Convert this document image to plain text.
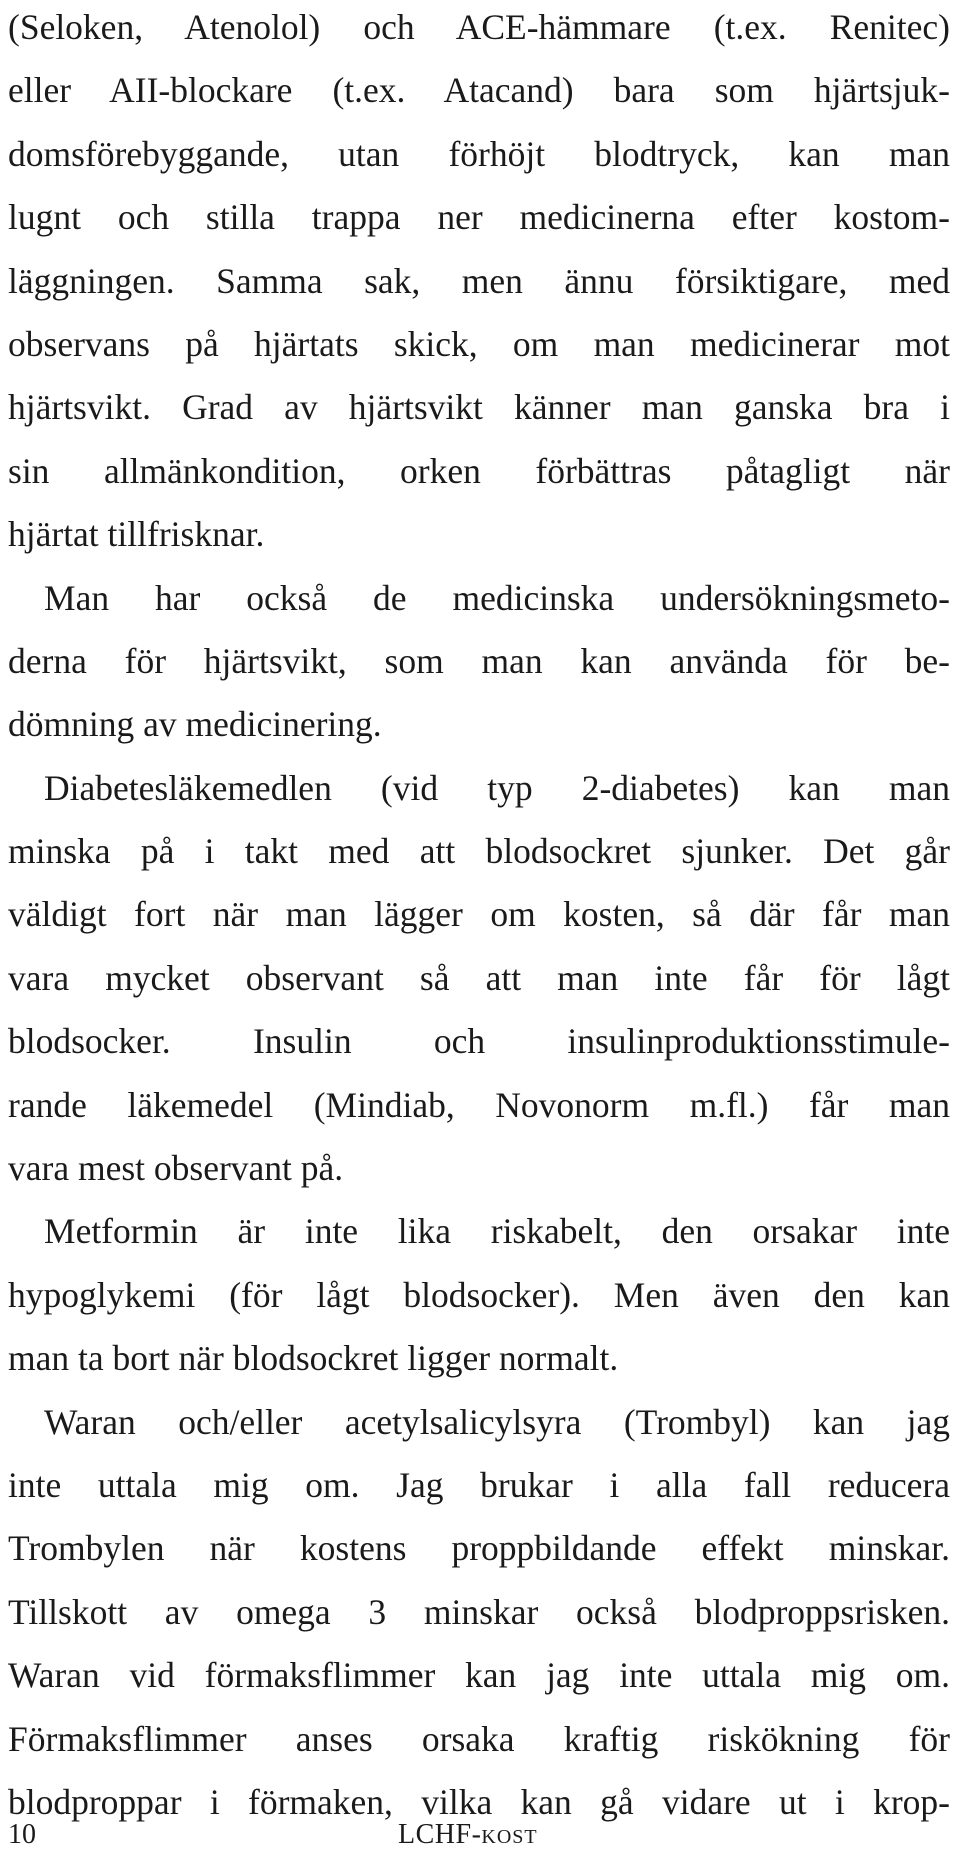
(Seloken, Atenolol) och ACE-hämmare (t.ex. Renitec)
eller AII-blockare (t.ex. Atacand) bara som hjärtsjuk-
domsförebyggande, utan förhöjt blodtryck, kan man
lugnt och stilla trappa ner medicinerna efter kostom-
läggningen. Samma sak, men ännu försiktigare, med
observans på hjärtats skick, om man medicinerar mot
hjärtsvikt. Grad av hjärtsvikt känner man ganska bra i
sin allmänkondition, orken förbättras påtagligt när
hjärtat tillfrisknar.
Man har också de medicinska undersökningsmeto-
derna för hjärtsvikt, som man kan använda för be-
dömning av medicinering.
Diabetesläkemedlen (vid typ 2-diabetes) kan man
minska på i takt med att blodsockret sjunker. Det går
väldigt fort när man lägger om kosten, så där får man
vara mycket observant så att man inte får för lågt
blodsocker. Insulin och insulinproduktionsstimule-
rande läkemedel (Mindiab, Novonorm m.fl.) får man
vara mest observant på.
Metformin är inte lika riskabelt, den orsakar inte
hypoglykemi (för lågt blodsocker). Men även den kan
man ta bort när blodsockret ligger normalt.
Waran och/eller acetylsalicylsyra (Trombyl) kan jag
inte uttala mig om. Jag brukar i alla fall reducera
Trombylen när kostens proppbildande effekt minskar.
Tillskott av omega 3 minskar också blodproppsrisken.
Waran vid förmaksflimmer kan jag inte uttala mig om.
Förmaksflimmer anses orsaka kraftig riskökning för
blodproppar i förmaken, vilka kan gå vidare ut i krop-
10	LCHF-KOST
